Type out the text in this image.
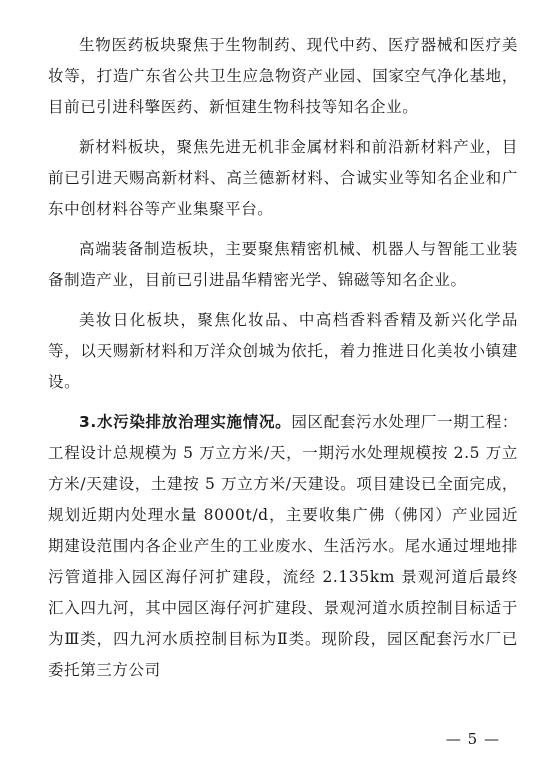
生物医药板块聚焦于生物制药、现代中药、医疗器械和医疗美妆等，打造广东省公共卫生应急物资产业园、国家空气净化基地，目前已引进科擎医药、新恒建生物科技等知名企业。

新材料板块，聚焦先进无机非金属材料和前沿新材料产业，目前已引进天赐高新材料、高兰德新材料、合诚实业等知名企业和广东中创材料谷等产业集聚平台。

高端装备制造板块，主要聚焦精密机械、机器人与智能工业装备制造产业，目前已引进晶华精密光学、锦磁等知名企业。

美妆日化板块，聚焦化妆品、中高档香料香精及新兴化学品等，以天赐新材料和万洋众创城为依托，着力推进日化美妆小镇建设。

3.水污染排放治理实施情况。园区配套污水处理厂一期工程：工程设计总规模为 5 万立方米/天，一期污水处理规模按 2.5 万立方米/天建设，土建按 5 万立方米/天建设。项目建设已全面完成，规划近期内处理水量 8000t/d，主要收集广佛（佛冈）产业园近期建设范围内各企业产生的工业废水、生活污水。尾水通过埋地排污管道排入园区海仔河扩建段，流经 2.135km 景观河道后最终汇入四九河，其中园区海仔河扩建段、景观河道水质控制目标适于为Ⅲ类，四九河水质控制目标为Ⅱ类。现阶段，园区配套污水厂已委托第三方公司

— 5 —
